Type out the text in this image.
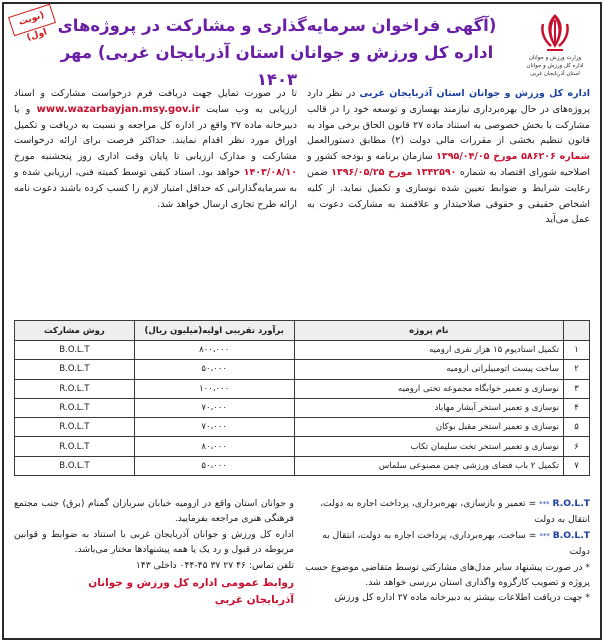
وزارت ورزش و جوانان
اداره کل ورزش و جوانان
استان آذربایجان غربی
(آگهی فراخوان سرمایه‌گذاری و مشارکت در پروژه‌های
اداره کل ورزش و جوانان استان آذربایجان غربی) مهر ۱۴۰۳
(نوبت اول)
اداره کل ورزش و جوانان استان آذربایجان غربی در نظر دارد پروژه‌های در حال بهره‌برداری نیازمند بهسازی و توسعه خود را در قالب مشارکت با بخش خصوصی به استناد ماده ۲۷ قانون الحاق برخی مواد به قانون تنظیم بخشی از مقررات مالی دولت (۲) مطابق دستورالعمل شماره ۵۸۶۲۰۶ مورخ ۱۳۹۵/۰۴/۰۵ سازمان برنامه و بودجه کشور و اصلاحیه شورای اقتصاد به شماره ۱۳۴۲۵۹۰ مورخ ۱۳۹۶/۰۵/۲۵ ضمن رعایت شرایط و ضوابط تعیین شده نوسازی و تکمیل نماید. از کلیه اشخاص حقیقی و حقوقی صلاحیتدار و علاقمند به مشارکت دعوت به عمل می‌آید
تا در صورت تمایل جهت دریافت فرم درخواست مشارکت و اسناد ارزیابی به وب سایت www.wazarbayjan.msy.gov.ir و یا دبیرخانه ماده ۲۷ واقع در اداره کل مراجعه و نسبت به دریافت و تکمیل اوراق مورد نظر اقدام نمایند. حداکثر فرصت برای ارائه درخواست مشارکت و مدارک ارزیابی تا پایان وقت اداری روز پنجشنبه مورخ ۱۴۰۳/۰۸/۱۰ خواهد بود. اسناد کیفی توسط کمیته فنی، ارزیابی شده و به سرمایه‌گذارانی که حداقل امتیاز لازم را کسب کرده باشند دعوت نامه ارائه طرح تجاری ارسال خواهد شد.
	نام پروژه	برآورد تقریبی اولیه(میلیون ریال)	روش مشارکت
۱	تکمیل استادیوم ۱۵ هزار نفری ارومیه	۸۰۰،۰۰۰	B.O.L.T
۲	ساخت پیست اتومبیلرانی ارومیه	۵۰،۰۰۰	B.O.L.T
۳	نوسازی و تعمیر خوابگاه مجموعه تختی ارومیه	۱۰۰،۰۰۰	R.O.L.T
۴	نوسازی و تعمیر استخر آبشار مهاباد	۷۰،۰۰۰	R.O.L.T
۵	نوسازی و تعمیر استخر مقبل بوکان	۷۰،۰۰۰	R.O.L.T
۶	نوسازی و تعمیر استخر تخت سلیمان تکاب	۸۰،۰۰۰	R.O.L.T
۷	تکمیل ۲ باب فضای ورزشی چمن مصنوعی سلماس	۵۰،۰۰۰	B.O.L.T
R.O.L.T *** = تعمیر و بازسازی، بهره‌برداری، پرداخت اجاره به دولت، انتقال به دولت
B.O.L.T *** = ساخت، بهره‌برداری، پرداخت اجاره به دولت، انتقال به دولت
* در صورت پیشنهاد سایر مدل‌های مشارکتی توسط متقاضی موضوع حسب پروژه و تصویب کارگروه واگذاری استان بررسی خواهد شد.
* جهت دریافت اطلاعات بیشتر به دبیرخانه ماده ۲۷ اداره کل ورزش
و جوانان استان واقع در ارومیه خیابان سربازان گمنام (برق) جنب مجتمع فرهنگی هنری مراجعه بفرمایید.
اداره کل ورزش و جوانان آذربایجان غربی با استناد به ضوابط و قوانین مربوطه در قبول و رد یک یا همه پیشنهادها مختار می‌باشد.
تلفن تماس: ۴۶ ۲۷ ۳۷ ۴۵-۰۴۴ داخلی ۱۴۳
روابط عمومی اداره کل ورزش و جوانان
آذربایجان غربی
